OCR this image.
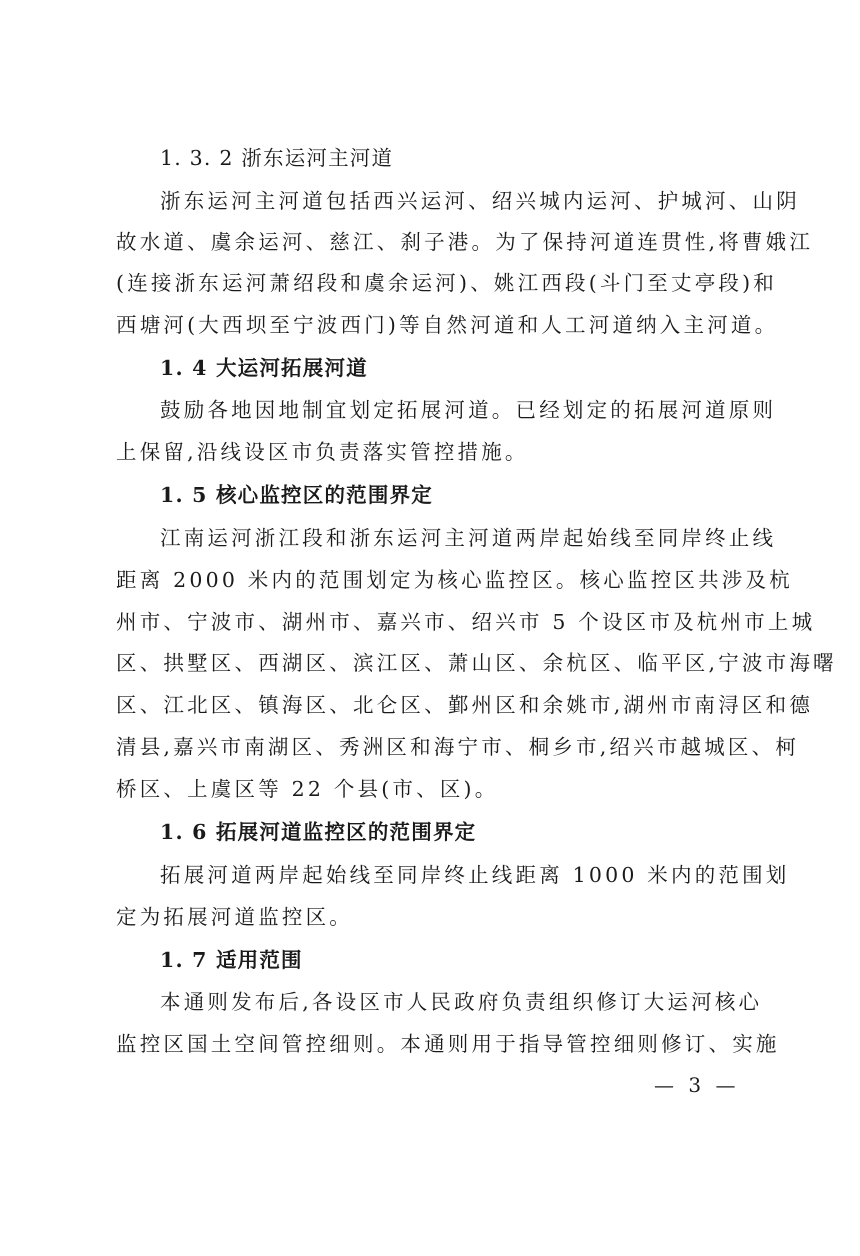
1. 3. 2 浙东运河主河道
浙东运河主河道包括西兴运河、绍兴城内运河、护城河、山阴
故水道、虞余运河、慈江、刹子港。为了保持河道连贯性,将曹娥江
(连接浙东运河萧绍段和虞余运河)、姚江西段(斗门至丈亭段)和
西塘河(大西坝至宁波西门)等自然河道和人工河道纳入主河道。
1. 4 大运河拓展河道
鼓励各地因地制宜划定拓展河道。已经划定的拓展河道原则
上保留,沿线设区市负责落实管控措施。
1. 5 核心监控区的范围界定
江南运河浙江段和浙东运河主河道两岸起始线至同岸终止线
距离 2000 米内的范围划定为核心监控区。核心监控区共涉及杭
州市、宁波市、湖州市、嘉兴市、绍兴市 5 个设区市及杭州市上城
区、拱墅区、西湖区、滨江区、萧山区、余杭区、临平区,宁波市海曙
区、江北区、镇海区、北仑区、鄞州区和余姚市,湖州市南浔区和德
清县,嘉兴市南湖区、秀洲区和海宁市、桐乡市,绍兴市越城区、柯
桥区、上虞区等 22 个县(市、区)。
1. 6 拓展河道监控区的范围界定
拓展河道两岸起始线至同岸终止线距离 1000 米内的范围划
定为拓展河道监控区。
1. 7 适用范围
本通则发布后,各设区市人民政府负责组织修订大运河核心
监控区国土空间管控细则。本通则用于指导管控细则修订、实施
— 3 —
